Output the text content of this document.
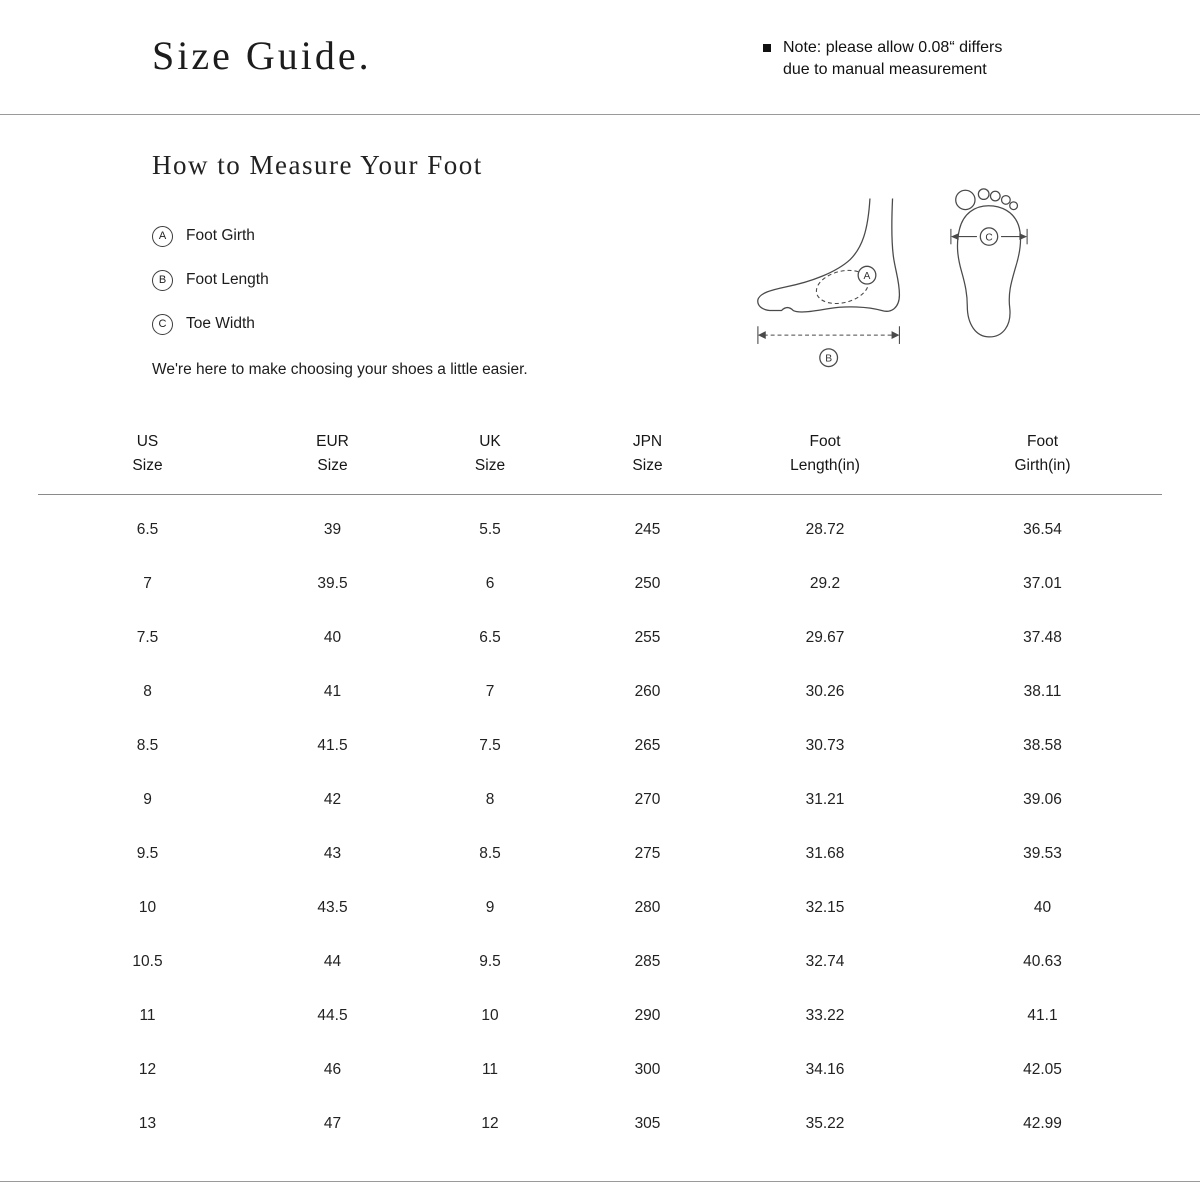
Size Guide.	Note: please allow 0.08“ differs
due to manual measurement
How to Measure Your Foot
A	Foot Girth
B	Foot Length
C	Toe Width

We're here to make choosing your shoes a little easier.

A
B
C
US
Size
EUR
Size
UK
Size
JPN
Size
Foot
Length(in)
Foot
Girth(in)
6.5	39	5.5	245	28.72	36.54
7	39.5	6	250	29.2	37.01
7.5	40	6.5	255	29.67	37.48
8	41	7	260	30.26	38.11
8.5	41.5	7.5	265	30.73	38.58
9	42	8	270	31.21	39.06
9.5	43	8.5	275	31.68	39.53
10	43.5	9	280	32.15	40
10.5	44	9.5	285	32.74	40.63
11	44.5	10	290	33.22	41.1
12	46	11	300	34.16	42.05
13	47	12	305	35.22	42.99
